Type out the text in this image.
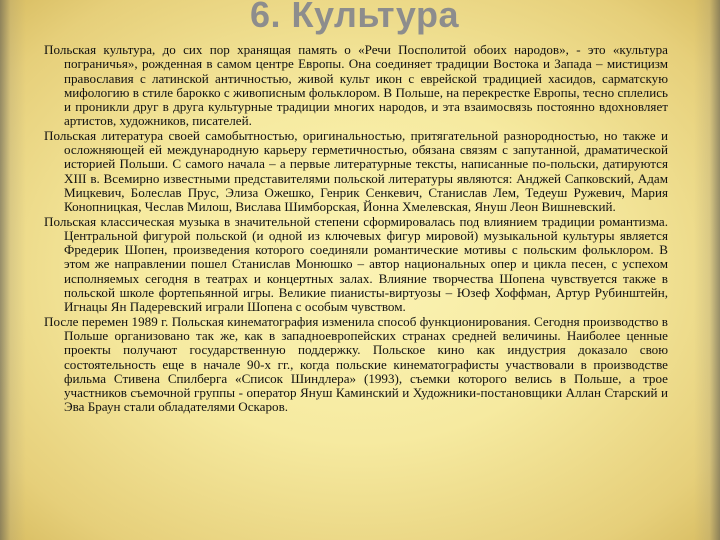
6. Культура

Польская культура, до сих пор хранящая память о «Речи Посполитой обоих народов», - это «культура пограничья», рожденная в самом центре Европы. Она соединяет традиции Востока и Запада – мистицизм православия с латинской античностью, живой культ икон с еврейской традицией хасидов, сарматскую мифологию в стиле барокко с живописным фольклором. В Польше, на перекрестке Европы, тесно сплелись и проникли друг в друга культурные традиции многих народов, и эта взаимосвязь постоянно вдохновляет артистов, художников, писателей.

Польская литература своей самобытностью, оригинальностью, притягательной разнородностью, но также и осложняющей ей международную карьеру герметичностью, обязана связям с запутанной, драматической историей Польши. С самого начала – а первые литературные тексты, написанные по-польски, датируются XIII в. Всемирно известными представителями польской литературы являются: Анджей Сапковский, Адам Мицкевич, Болеслав Прус, Элиза Ожешко, Генрик Сенкевич, Станислав Лем, Тедеуш Ружевич, Мария Конопницкая, Чеслав Милош, Вислава Шимборская, Йонна Хмелевская, Януш Леон Вишневский.

Польская классическая музыка в значительной степени сформировалась под влиянием традиции романтизма. Центральной фигурой польской (и одной из ключевых фигур мировой) музыкальной культуры является Фредерик Шопен, произведения которого соединяли романтические мотивы с польским фольклором. В этом же направлении пошел Станислав Монюшко – автор национальных опер и цикла песен, с успехом исполняемых сегодня в театрах и концертных залах. Влияние творчества Шопена чувствуется также в польской школе фортепьянной игры. Великие пианисты-виртуозы – Юзеф Хоффман, Артур Рубинштейн, Игнацы Ян Падеревский играли Шопена с особым чувством.

После перемен 1989 г. Польская кинематография изменила способ функционирования. Сегодня производство в Польше организовано так же, как в западноевропейских странах средней величины. Наиболее ценные проекты получают государственную поддержку. Польское кино как индустрия доказало свою состоятельность еще в начале 90-х гг., когда польские кинематографисты участвовали в производстве фильма Стивена Спилберга «Список Шиндлера» (1993), съемки которого велись в Польше, а трое участников съемочной группы - оператор Януш Каминский и Художники-постановщики Аллан Старский и Эва Браун стали обладателями Оскаров.
